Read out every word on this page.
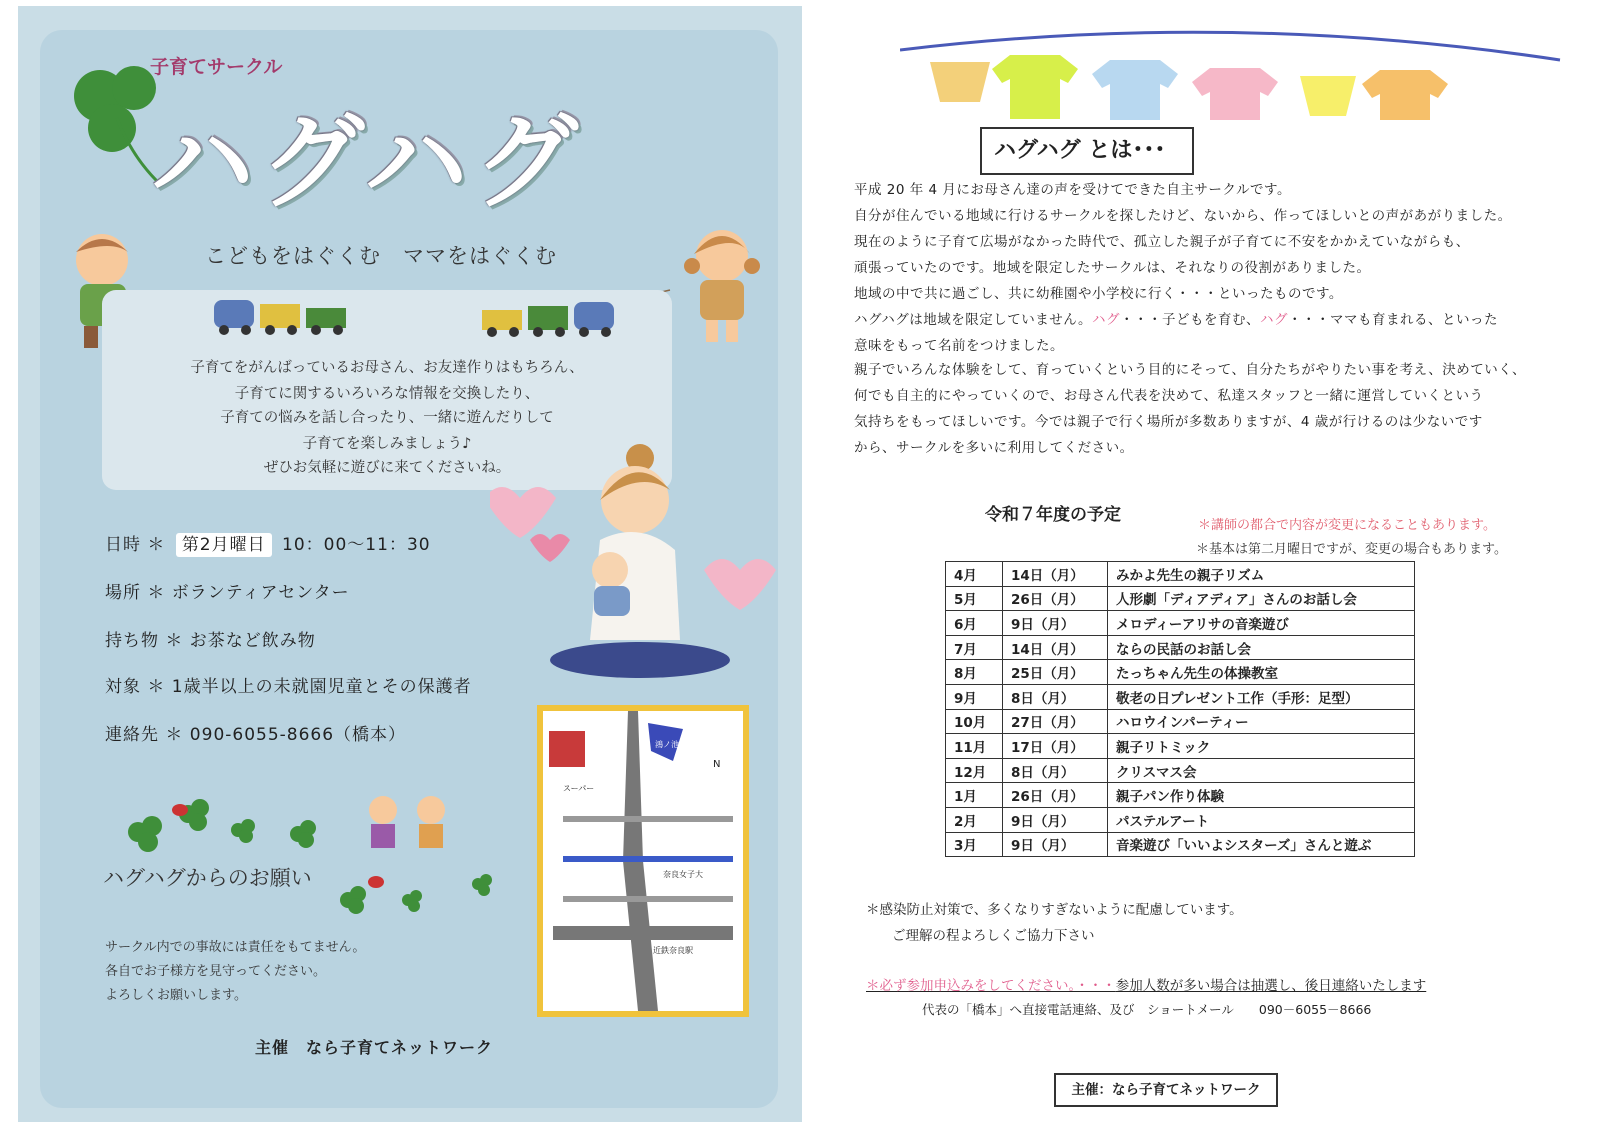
子育てサークル
ハグハグ
こどもをはぐくむ　ママをはぐくむ

子育てをがんばっているお母さん、お友達作りはもちろん、

子育てに関するいろいろな情報を交換したり、

子育ての悩みを話し合ったり、一緒に遊んだりして

子育てを楽しみましょう♪

ぜひお気軽に遊びに来てくださいね。

日時 ＊ 第2月曜日 10：00～11：30
場所 ＊ ボランティアセンター
持ち物 ＊ お茶など飲み物
対象 ＊ 1歳半以上の未就園児童とその保護者
連絡先 ＊ 090-6055-8666（橋本）
ハグハグからのお願い
サークル内での事故には責任をもてません。
各自でお子様方を見守ってください。
よろしくお願いします。
主催　なら子育てネットワーク
鴻ノ池
N
スーパー
奈良女子大
近鉄奈良駅
ボランティアセンター
ハグハグ とは･･･
平成 20 年 4 月にお母さん達の声を受けてできた自主サークルです。
自分が住んでいる地域に行けるサークルを探したけど、ないから、作ってほしいとの声があがりました。
現在のように子育て広場がなかった時代で、孤立した親子が子育てに不安をかかえていながらも、
頑張っていたのです。地域を限定したサークルは、それなりの役割がありました。
地域の中で共に過ごし、共に幼稚園や小学校に行く・・・といったものです。
ハグハグは地域を限定していません。ハグ・・・子どもを育む、ハグ・・・ママも育まれる、といった
意味をもって名前をつけました。
親子でいろんな体験をして、育っていくという目的にそって、自分たちがやりたい事を考え、決めていく、
何でも自主的にやっていくので、お母さん代表を決めて、私達スタッフと一緒に運営していくという
気持ちをもってほしいです。今では親子で行く場所が多数ありますが、4 歳が行けるのは少ないです
から、サークルを多いに利用してください。
令和７年度の予定
＊講師の都合で内容が変更になることもあります。
＊基本は第二月曜日ですが、変更の場合もあります。
4月	14日（月）	みかよ先生の親子リズム
5月	26日（月）	人形劇「ディアディア」さんのお話し会
6月	9日（月）	メロディーアリサの音楽遊び
7月	14日（月）	ならの民話のお話し会
8月	25日（月）	たっちゃん先生の体操教室
9月	8日（月）	敬老の日プレゼント工作（手形：足型）
10月	27日（月）	ハロウインパーティー
11月	17日（月）	親子リトミック
12月	8日（月）	クリスマス会
1月	26日（月）	親子パン作り体験
2月	9日（月）	パステルアート
3月	9日（月）	音楽遊び「いいよシスターズ」さんと遊ぶ
＊感染防止対策で、多くなりすぎないように配慮しています。
ご理解の程よろしくご協力下さい
＊必ず参加申込みをしてください。・・・参加人数が多い場合は抽選し、後日連絡いたします
代表の「橋本」へ直接電話連絡、及び　ショートメール　　090－6055－8666
主催：なら子育てネットワーク
